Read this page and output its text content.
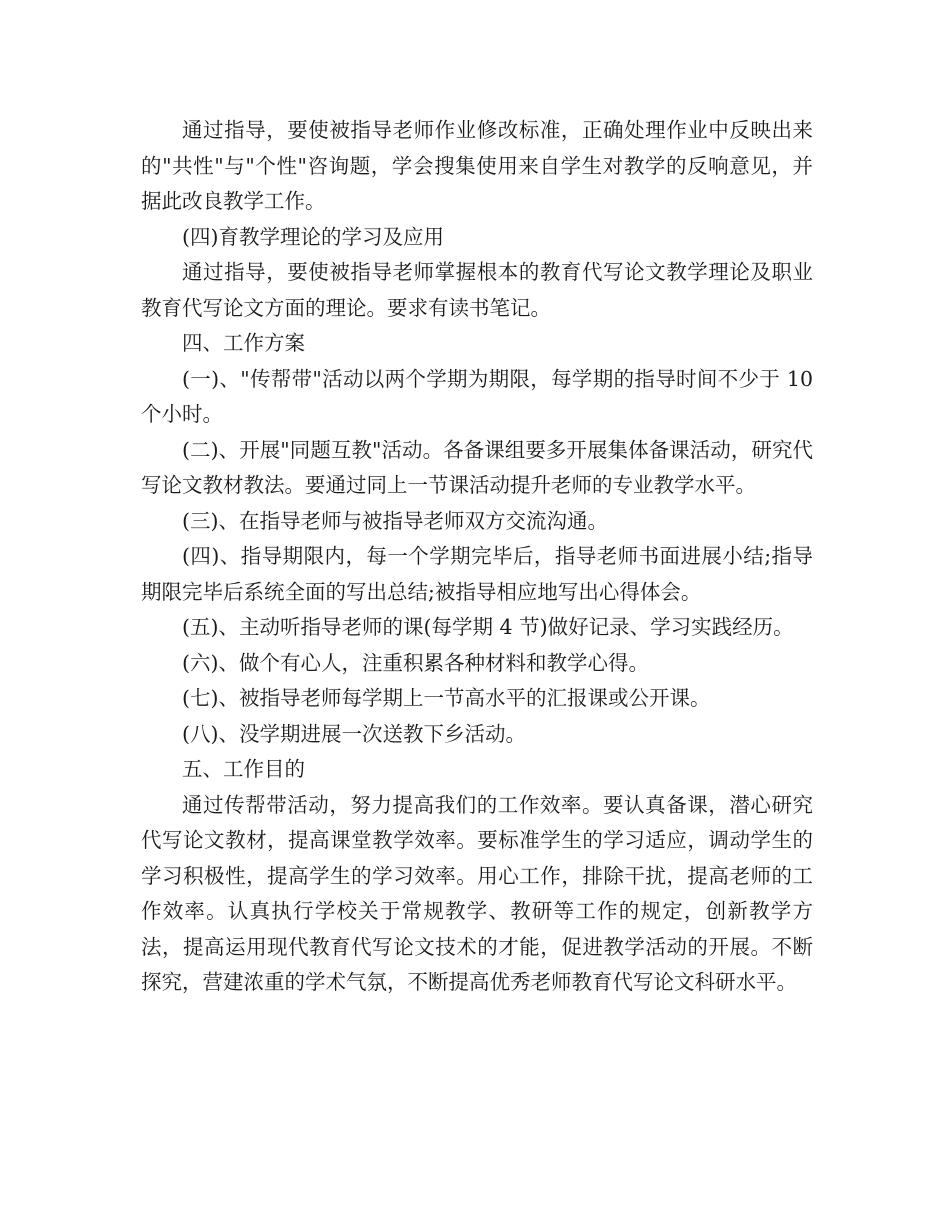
通过指导，要使被指导老师作业修改标准，正确处理作业中反映出来的"共性"与"个性"咨询题，学会搜集使用来自学生对教学的反响意见，并据此改良教学工作。

(四)育教学理论的学习及应用

通过指导，要使被指导老师掌握根本的教育代写论文教学理论及职业教育代写论文方面的理论。要求有读书笔记。

四、工作方案

(一)、"传帮带"活动以两个学期为期限，每学期的指导时间不少于 10 个小时。

(二)、开展"同题互教"活动。各备课组要多开展集体备课活动，研究代写论文教材教法。要通过同上一节课活动提升老师的专业教学水平。

(三)、在指导老师与被指导老师双方交流沟通。

(四)、指导期限内，每一个学期完毕后，指导老师书面进展小结;指导期限完毕后系统全面的写出总结;被指导相应地写出心得体会。

(五)、主动听指导老师的课(每学期 4 节)做好记录、学习实践经历。

(六)、做个有心人，注重积累各种材料和教学心得。

(七)、被指导老师每学期上一节高水平的汇报课或公开课。

(八)、没学期进展一次送教下乡活动。

五、工作目的

通过传帮带活动，努力提高我们的工作效率。要认真备课，潜心研究代写论文教材，提高课堂教学效率。要标准学生的学习适应，调动学生的学习积极性，提高学生的学习效率。用心工作，排除干扰，提高老师的工作效率。认真执行学校关于常规教学、教研等工作的规定，创新教学方法，提高运用现代教育代写论文技术的才能，促进教学活动的开展。不断探究，营建浓重的学术气氛，不断提高优秀老师教育代写论文科研水平。
